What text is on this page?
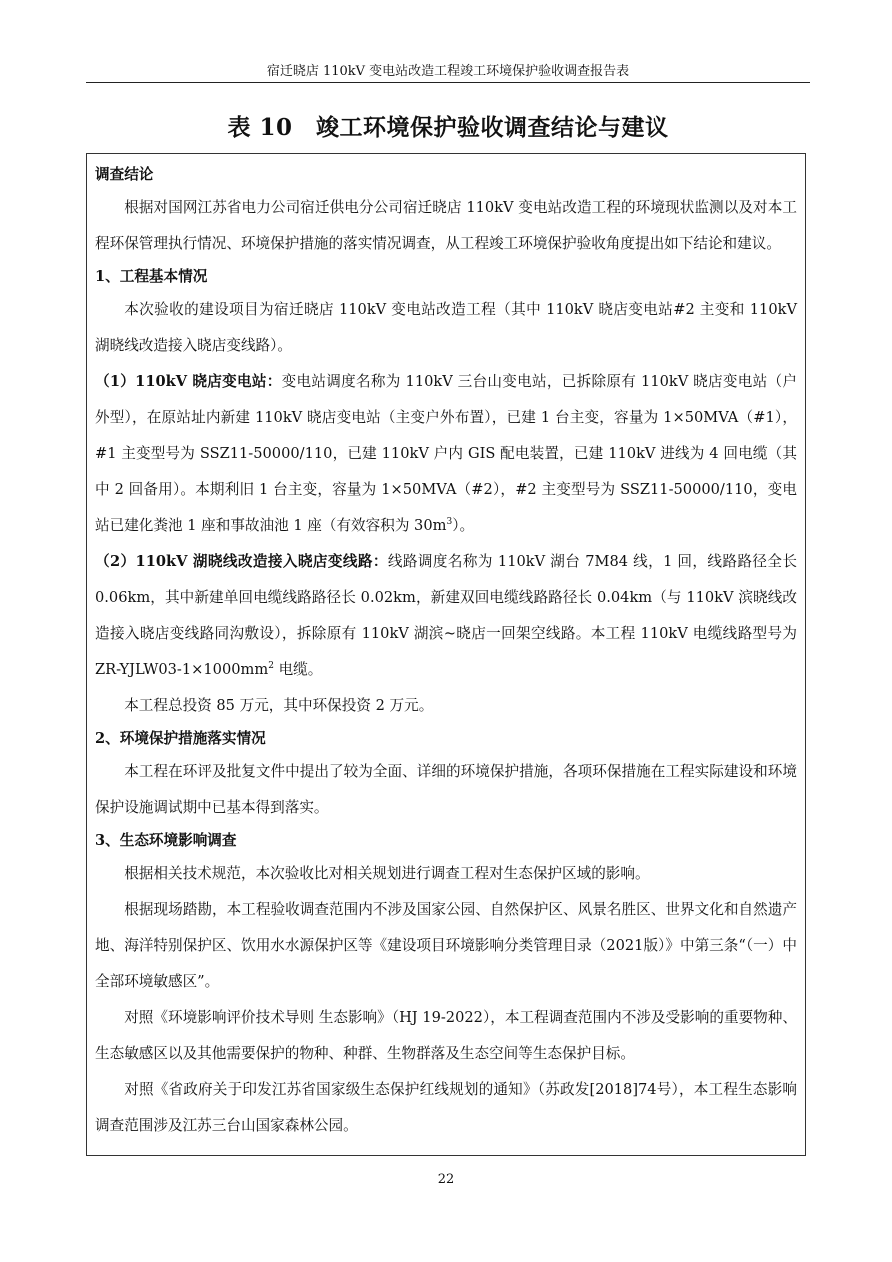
宿迁晓店 110kV 变电站改造工程竣工环境保护验收调查报告表
表 10　竣工环境保护验收调查结论与建议

调查结论

根据对国网江苏省电力公司宿迁供电分公司宿迁晓店 110kV 变电站改造工程的环境现状监测以及对本工程环保管理执行情况、环境保护措施的落实情况调查，从工程竣工环境保护验收角度提出如下结论和建议。

1、工程基本情况

本次验收的建设项目为宿迁晓店 110kV 变电站改造工程（其中 110kV 晓店变电站#2 主变和 110kV 湖晓线改造接入晓店变线路）。

（1）110kV 晓店变电站：变电站调度名称为 110kV 三台山变电站，已拆除原有 110kV 晓店变电站（户外型），在原站址内新建 110kV 晓店变电站（主变户外布置），已建 1 台主变，容量为 1×50MVA（#1），#1 主变型号为 SSZ11-50000/110，已建 110kV 户内 GIS 配电装置，已建 110kV 进线为 4 回电缆（其中 2 回备用）。本期利旧 1 台主变，容量为 1×50MVA（#2），#2 主变型号为 SSZ11-50000/110，变电站已建化粪池 1 座和事故油池 1 座（有效容积为 $30m^3$）。

（2）110kV 湖晓线改造接入晓店变线路：线路调度名称为 110kV 湖台 7M84 线，1 回，线路路径全长 0.06km，其中新建单回电缆线路路径长 0.02km，新建双回电缆线路路径长 0.04km（与 110kV 滨晓线改造接入晓店变线路同沟敷设），拆除原有 110kV 湖滨~晓店一回架空线路。本工程 110kV 电缆线路型号为 $ZR-YJLW03-1\times 1000mm^2$ 电缆。

本工程总投资 85 万元，其中环保投资 2 万元。

2、环境保护措施落实情况

本工程在环评及批复文件中提出了较为全面、详细的环境保护措施，各项环保措施在工程实际建设和环境保护设施调试期中已基本得到落实。

3、生态环境影响调查

根据相关技术规范，本次验收比对相关规划进行调查工程对生态保护区域的影响。

根据现场踏勘，本工程验收调查范围内不涉及国家公园、自然保护区、风景名胜区、世界文化和自然遗产地、海洋特别保护区、饮用水水源保护区等《建设项目环境影响分类管理目录（2021版）》中第三条“（一）中全部环境敏感区”。

对照《环境影响评价技术导则 生态影响》（HJ 19-2022），本工程调查范围内不涉及受影响的重要物种、生态敏感区以及其他需要保护的物种、种群、生物群落及生态空间等生态保护目标。

对照《省政府关于印发江苏省国家级生态保护红线规划的通知》（苏政发[2018]74号），本工程生态影响调查范围涉及江苏三台山国家森林公园。

22
